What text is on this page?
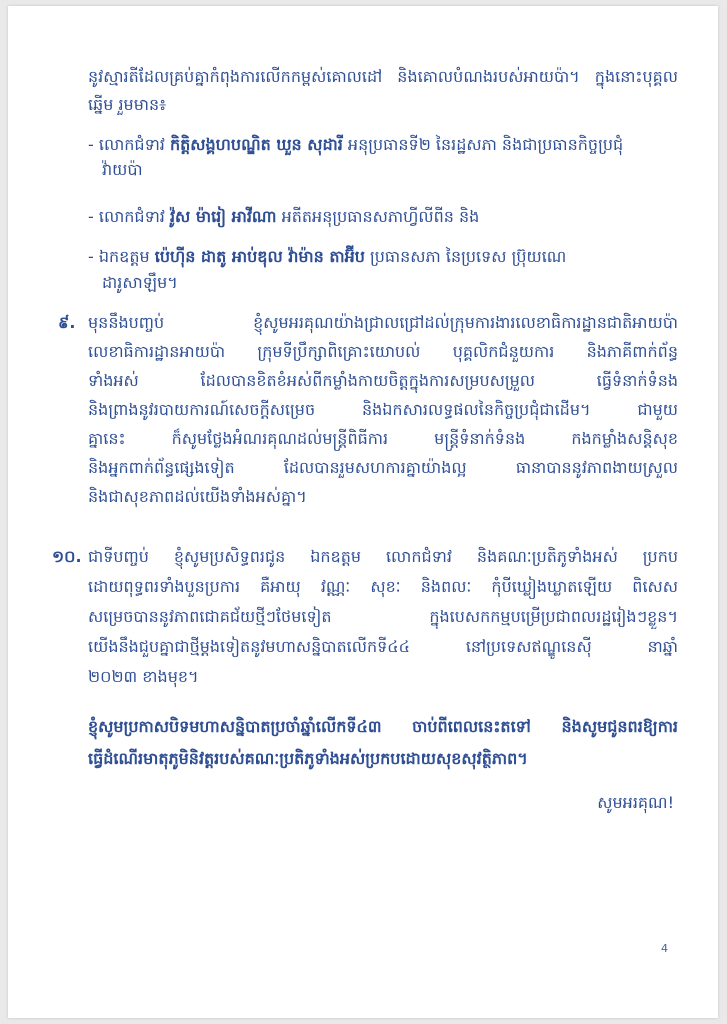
នូវស្មារតីដែលគ្រប់គ្នាកំពុងការលើកកម្ពស់គោលដៅ និងគោលបំណងរបស់អាយប៉ា។ ក្នុងនោះបុគ្គល
ឆ្នើម រួមមាន៖
- លោកជំទាវ កិត្តិសង្គហបណ្ឌិត ឃួន សុដារី អនុប្រធានទី២ នៃរដ្ឋសភា និងជាប្រធានកិច្ចប្រជុំ
វ៉ាយប៉ា
- លោកជំទាវ វ៉ូស ម៉ារៀ អាវីណា អតីតអនុប្រធានសភាហ្វីលីពីន និង
- ឯកឧត្តម ប៉េហ៊ីន ដាតូ អាប់ឌុល វ៉ាម៉ាន តាអ៊ីប ប្រធានសភា នៃប្រទេស ប្រ៊ុយណេ
ដារូសាឡឹម។
៩. មុននឹងបញ្ចប់ ខ្ញុំសូមអរគុណយ៉ាងជ្រាលជ្រៅដល់ក្រុមការងារលេខាធិការដ្ឋានជាតិអាយប៉ា
លេខាធិការដ្ឋានអាយប៉ា ក្រុមទីប្រឹក្សាពិគ្រោះយោបល់ បុគ្គលិកជំនួយការ និងភាគីពាក់ព័ន្ធ
ទាំងអស់ ដែលបានខិតខំអស់ពីកម្លាំងកាយចិត្តក្នុងការសម្របសម្រួល ធ្វើទំនាក់ទំនង
និងព្រាងនូវរបាយការណ៍សេចក្តីសម្រេច និងឯកសារលទ្ធផលនៃកិច្ចប្រជុំជាដើម។ ជាមួយ
គ្នានេះ ក៏សូមថ្លែងអំណរគុណដល់មន្ត្រីពិធីការ មន្ត្រីទំនាក់ទំនង កងកម្លាំងសន្តិសុខ
និងអ្នកពាក់ព័ន្ធផ្សេងទៀត ដែលបានរួមសហការគ្នាយ៉ាងល្អ ធានាបាននូវភាពងាយស្រួល
និងជាសុខភាពដល់យើងទាំងអស់គ្នា។
១០. ជាទីបញ្ចប់ ខ្ញុំសូមប្រសិទ្ធពរជូន ឯកឧត្តម លោកជំទាវ និងគណៈប្រតិភូទាំងអស់ ប្រកប
ដោយពុទ្ធពរទាំងបួនប្រការ គឺអាយុ វណ្ណៈ សុខៈ និងពលៈ កុំបីឃ្លៀងឃ្លាតឡើយ ពិសេស
សម្រេចបាននូវភាពជោគជ័យថ្មីៗថែមទៀត ក្នុងបេសកកម្មបម្រើប្រជាពលរដ្ឋរៀងៗខ្លួន។
យើងនឹងជួបគ្នាជាថ្មីម្តងទៀតនូវមហាសន្និបាតលើកទី៤៤ នៅប្រទេសឥណ្ឌូនេស៊ី នាឆ្នាំ
២០២៣ ខាងមុខ។
ខ្ញុំសូមប្រកាសបិទមហាសន្និបាតប្រចាំឆ្នាំលើកទី៤៣ ចាប់ពីពេលនេះតទៅ និងសូមជូនពរឱ្យការ
ធ្វើដំណើរមាតុភូមិនិវត្តរបស់គណៈប្រតិភូទាំងអស់ប្រកបដោយសុខសុវត្ថិភាព។
សូមអរគុណ!
4
